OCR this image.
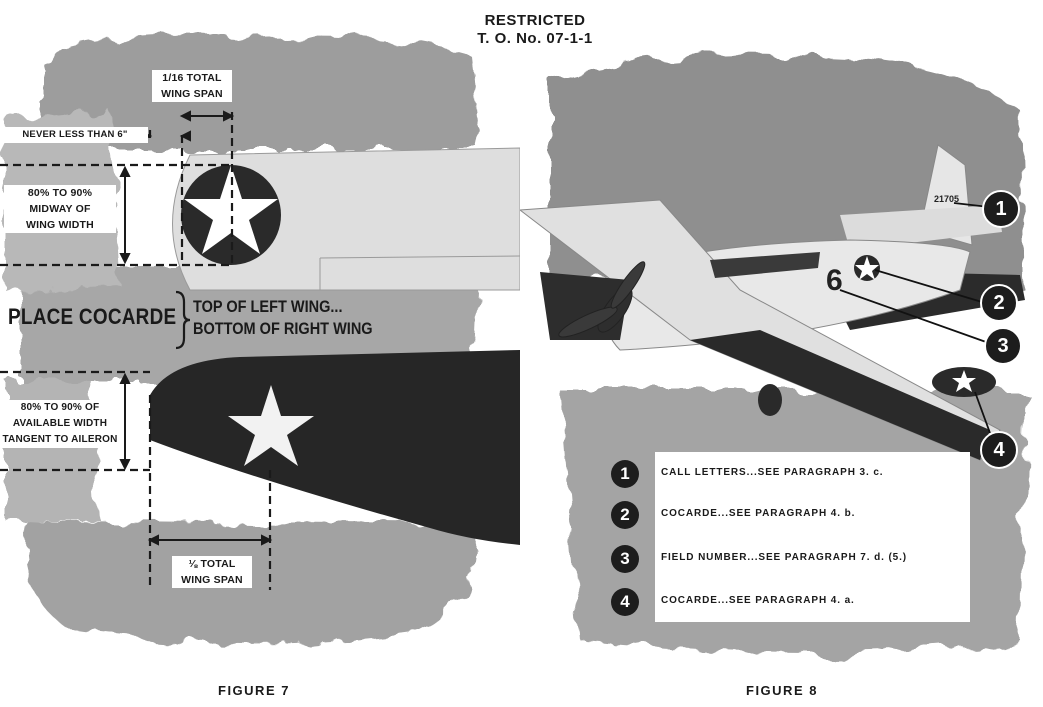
RESTRICTED
T. O. No. 07-1-1
1/16 TOTAL
WING SPAN
NEVER LESS THAN 6"
80% TO 90%
MIDWAY OF
WING WIDTH
PLACE COCARDE TOP OF LEFT WING...
BOTTOM OF RIGHT WING
80% TO 90% OF
AVAILABLE WIDTH
TANGENT TO AILERON
⅛ TOTAL
WING SPAN
FIGURE 7
6
21705	1
2
3
4
1	CALL LETTERS...SEE PARAGRAPH 3. c.
2	COCARDE...SEE PARAGRAPH 4. b.
3	FIELD NUMBER...SEE PARAGRAPH 7. d. (5.)
4	COCARDE...SEE PARAGRAPH 4. a.
FIGURE 8
